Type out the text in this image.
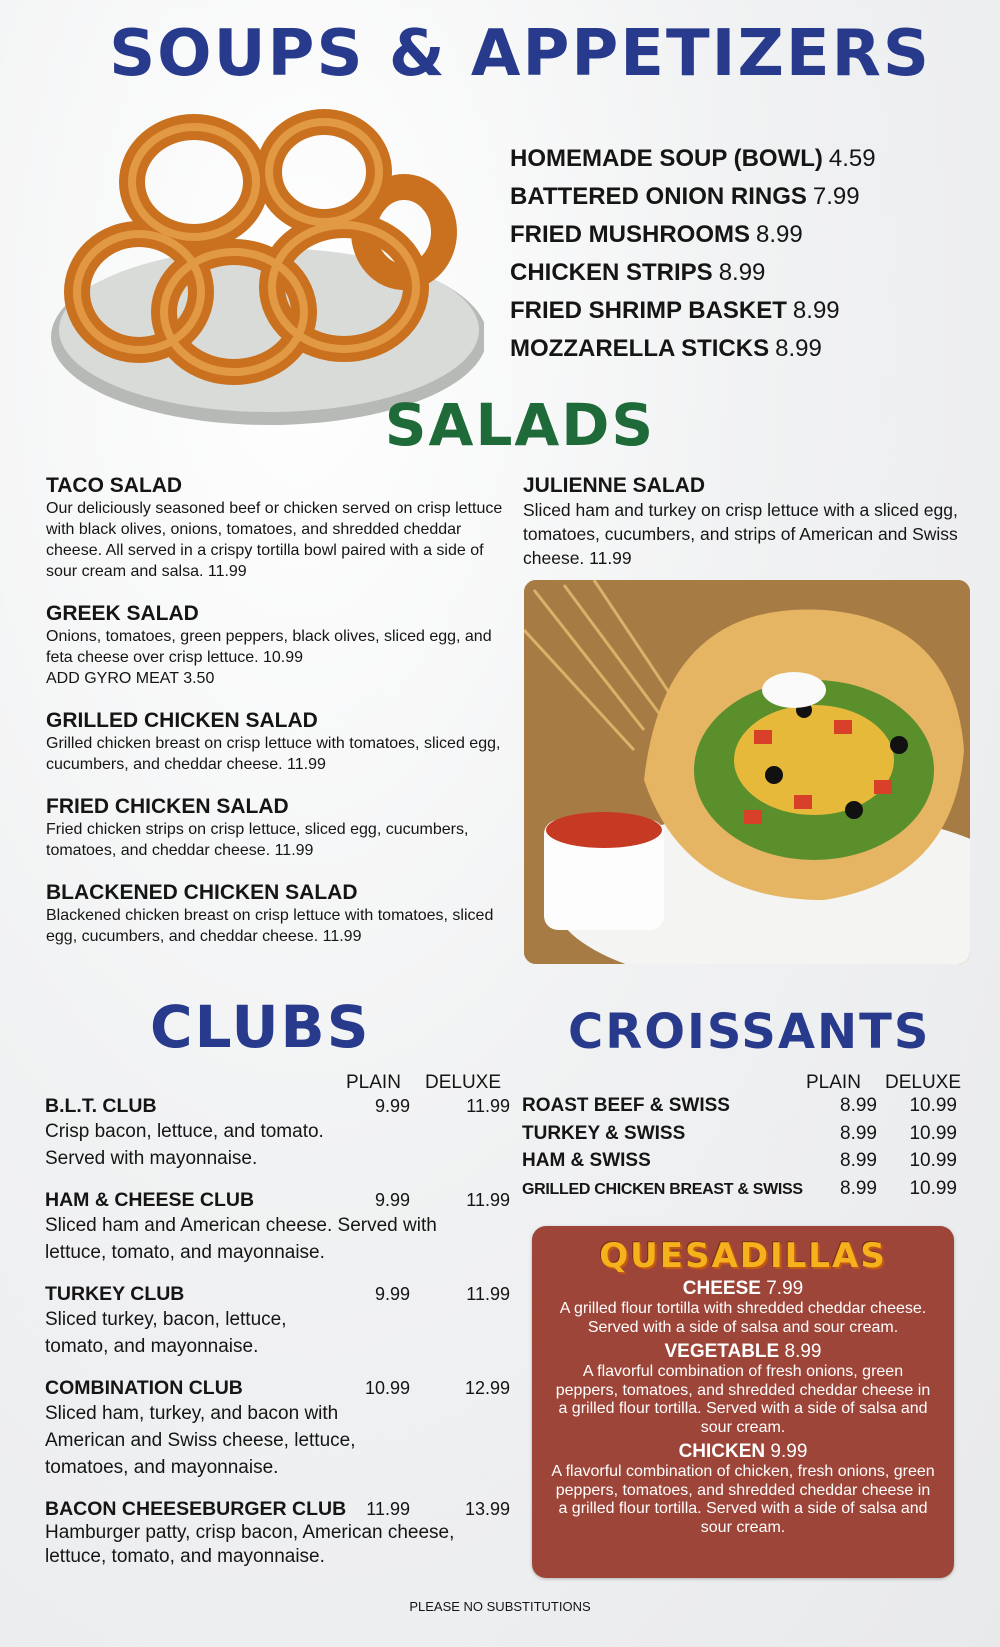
SOUPS & APPETIZERS
HOMEMADE SOUP (BOWL) 4.59
BATTERED ONION RINGS 7.99
FRIED MUSHROOMS 8.99
CHICKEN STRIPS 8.99
FRIED SHRIMP BASKET 8.99
MOZZARELLA STICKS 8.99
SALADS
TACO SALAD
Our deliciously seasoned beef or chicken served on crisp lettuce with black olives, onions, tomatoes, and shredded cheddar cheese. All served in a crispy tortilla bowl paired with a side of sour cream and salsa. 11.99
GREEK SALAD
Onions, tomatoes, green peppers, black olives, sliced egg, and feta cheese over crisp lettuce. 10.99
ADD GYRO MEAT 3.50
GRILLED CHICKEN SALAD
Grilled chicken breast on crisp lettuce with tomatoes, sliced egg, cucumbers, and cheddar cheese. 11.99
FRIED CHICKEN SALAD
Fried chicken strips on crisp lettuce, sliced egg, cucumbers, tomatoes, and cheddar cheese. 11.99
BLACKENED CHICKEN SALAD
Blackened chicken breast on crisp lettuce with tomatoes, sliced egg, cucumbers, and cheddar cheese. 11.99
JULIENNE SALAD
Sliced ham and turkey on crisp lettuce with a sliced egg, tomatoes, cucumbers, and strips of American and Swiss cheese. 11.99
CLUBS
PLAIN DELUXE
B.L.T. CLUB	9.99	11.99
Crisp bacon, lettuce, and tomato. Served with mayonnaise.
HAM & CHEESE CLUB	9.99	11.99
Sliced ham and American cheese. Served with lettuce, tomato, and mayonnaise.
TURKEY CLUB	9.99	11.99
Sliced turkey, bacon, lettuce, tomato, and mayonnaise.
COMBINATION CLUB	10.99	12.99
Sliced ham, turkey, and bacon with American and Swiss cheese, lettuce, tomatoes, and mayonnaise.
BACON CHEESEBURGER CLUB 11.99	13.99
Hamburger patty, crisp bacon, American cheese, lettuce, tomato, and mayonnaise.
CROISSANTS
PLAIN DELUXE
ROAST BEEF & SWISS	8.99 10.99
TURKEY & SWISS	8.99 10.99
HAM & SWISS	8.99 10.99
GRILLED CHICKEN BREAST & SWISS 8.99 10.99
QUESADILLAS
CHEESE 7.99
A grilled flour tortilla with shredded cheddar cheese. Served with a side of salsa and sour cream.
VEGETABLE 8.99
A flavorful combination of fresh onions, green peppers, tomatoes, and shredded cheddar cheese in a grilled flour tortilla. Served with a side of salsa and sour cream.
CHICKEN 9.99
A flavorful combination of chicken, fresh onions, green peppers, tomatoes, and shredded cheddar cheese in a grilled flour tortilla. Served with a side of salsa and sour cream.
PLEASE NO SUBSTITUTIONS
